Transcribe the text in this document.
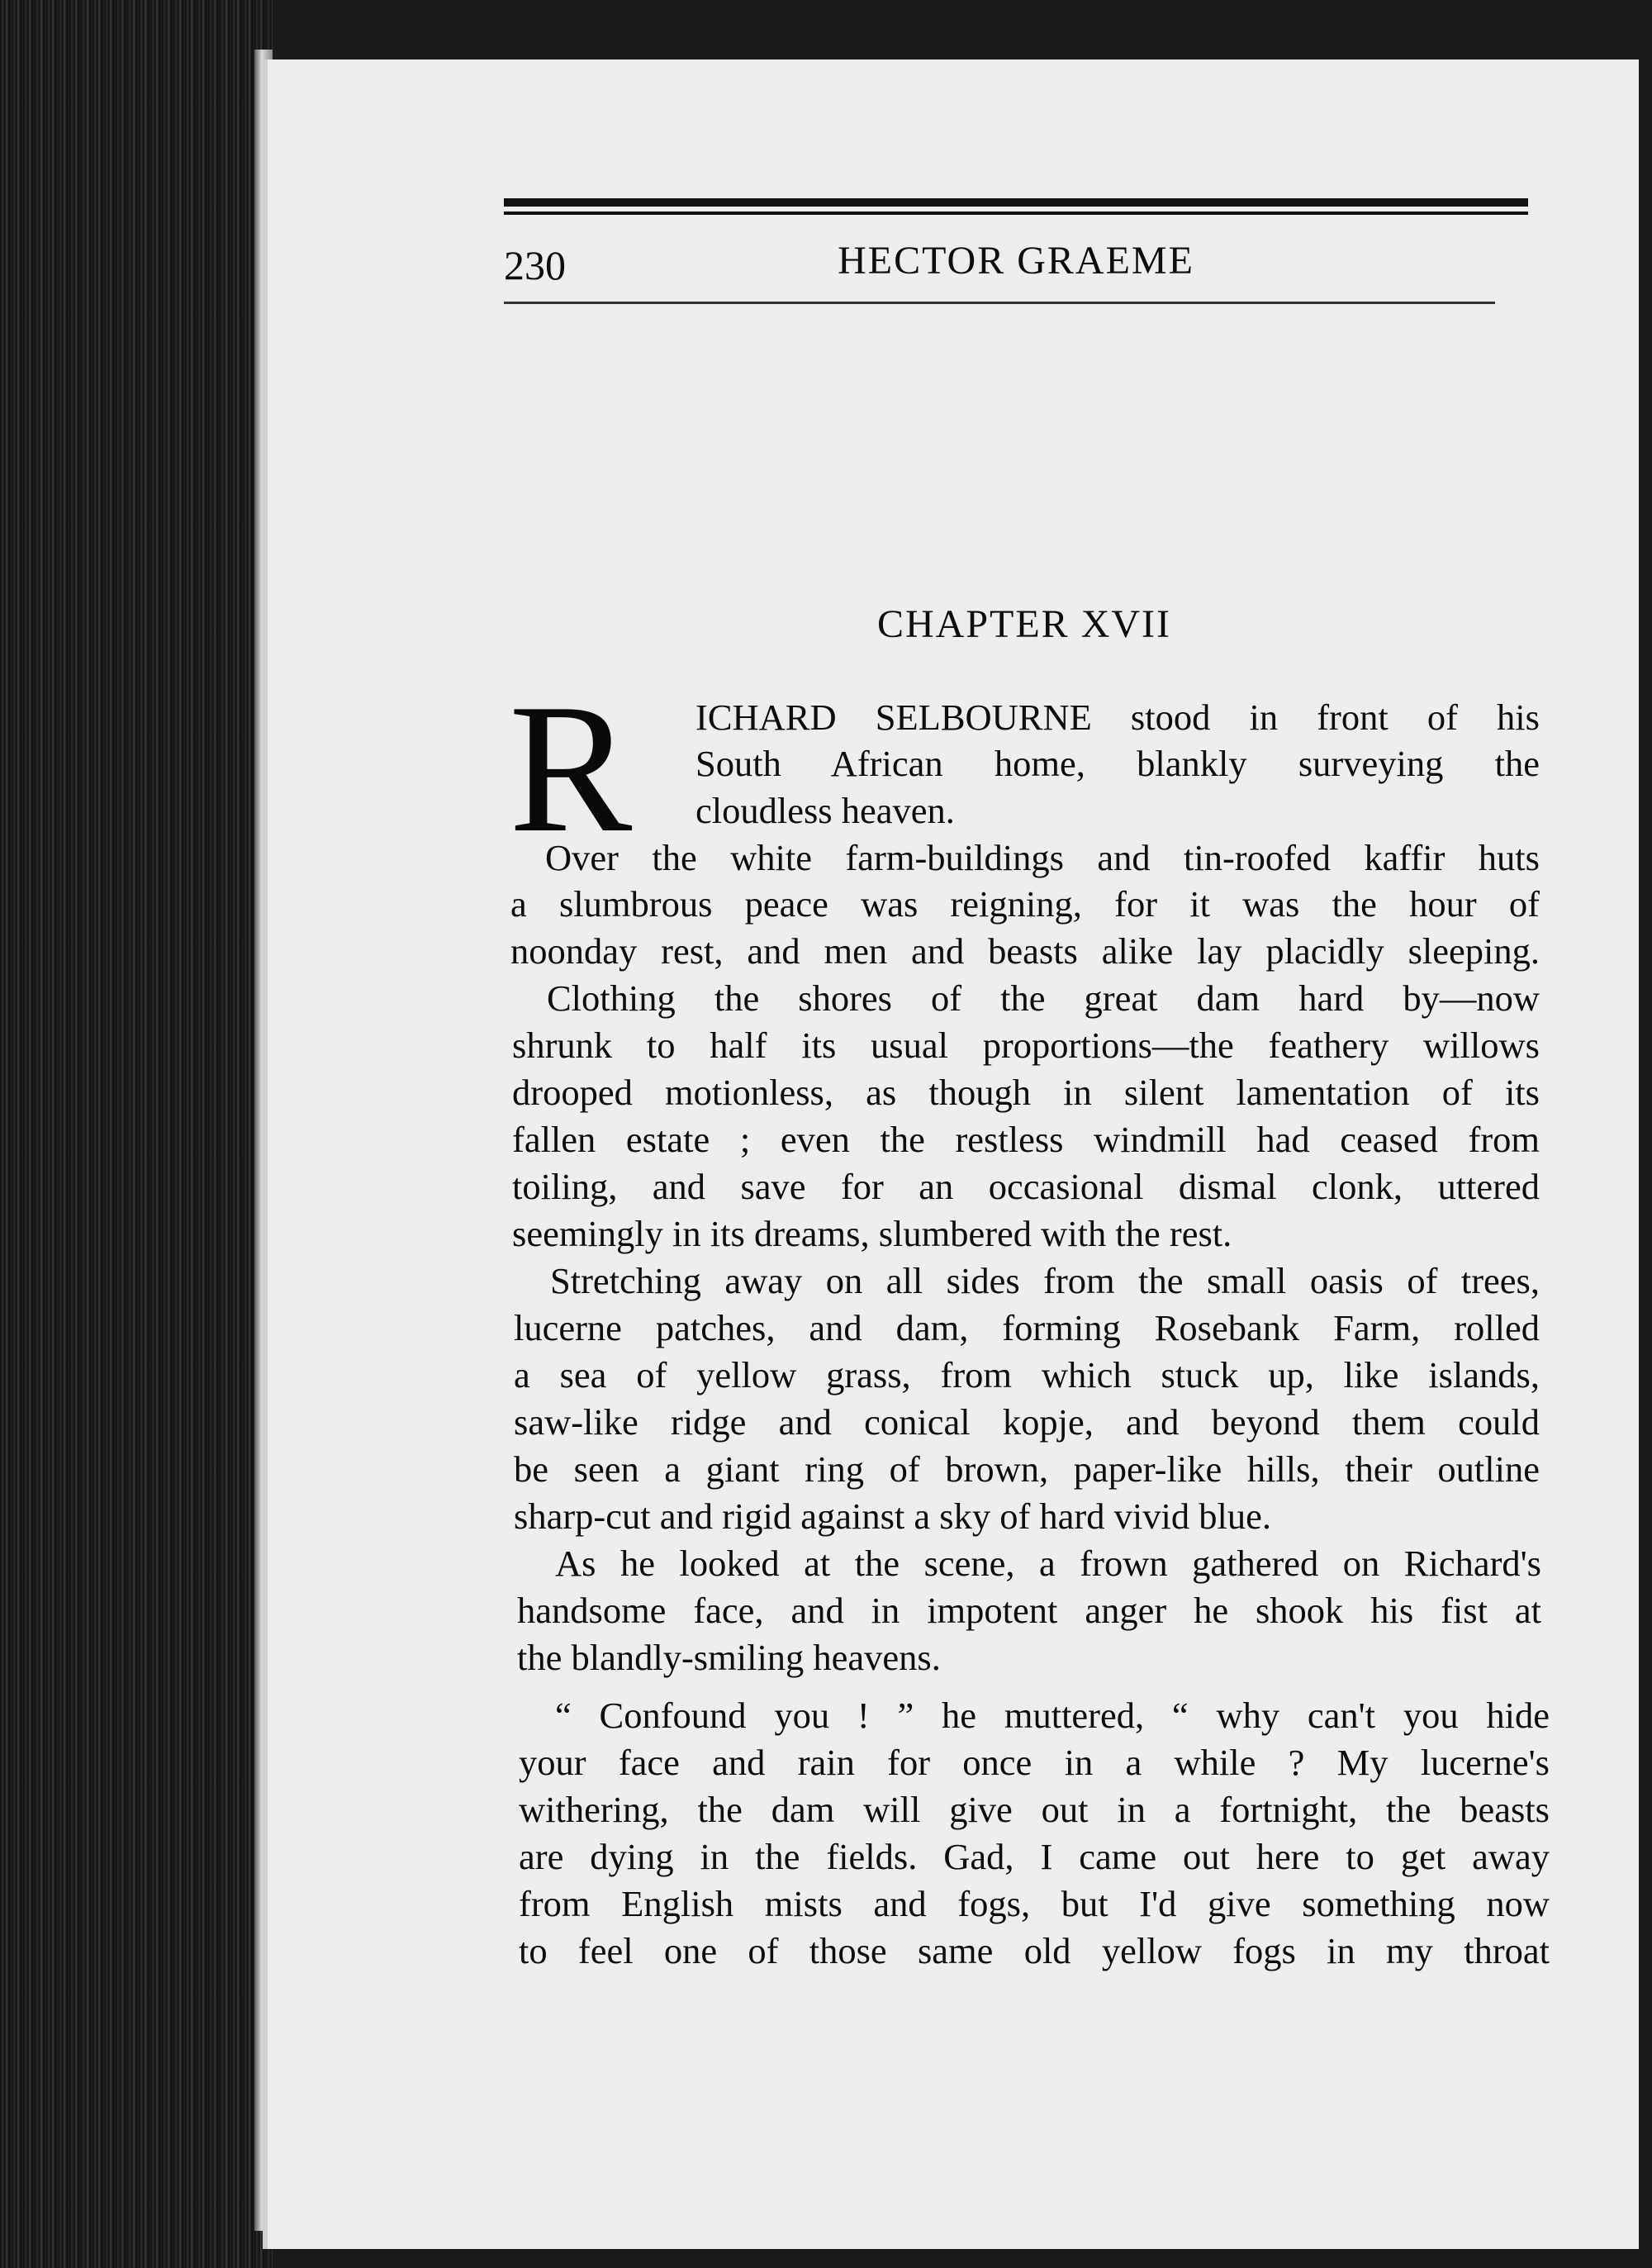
230	HECTOR GRAEME
CHAPTER XVII
R ICHARD SELBOURNE stood in front of his
South African home, blankly surveying the
cloudless heaven.
Over the white farm-buildings and tin-roofed kaffir huts
a slumbrous peace was reigning, for it was the hour of
noonday rest, and men and beasts alike lay placidly sleeping.
Clothing the shores of the great dam hard by—now
shrunk to half its usual proportions—the feathery willows
drooped motionless, as though in silent lamentation of its
fallen estate ; even the restless windmill had ceased from
toiling, and save for an occasional dismal clonk, uttered
seemingly in its dreams, slumbered with the rest.
Stretching away on all sides from the small oasis of trees,
lucerne patches, and dam, forming Rosebank Farm, rolled
a sea of yellow grass, from which stuck up, like islands,
saw-like ridge and conical kopje, and beyond them could
be seen a giant ring of brown, paper-like hills, their outline
sharp-cut and rigid against a sky of hard vivid blue.
As he looked at the scene, a frown gathered on Richard's
handsome face, and in impotent anger he shook his fist at
the blandly-smiling heavens.
“ Confound you ! ” he muttered, “ why can't you hide
your face and rain for once in a while ? My lucerne's
withering, the dam will give out in a fortnight, the beasts
are dying in the fields. Gad, I came out here to get away
from English mists and fogs, but I'd give something now
to feel one of those same old yellow fogs in my throat
